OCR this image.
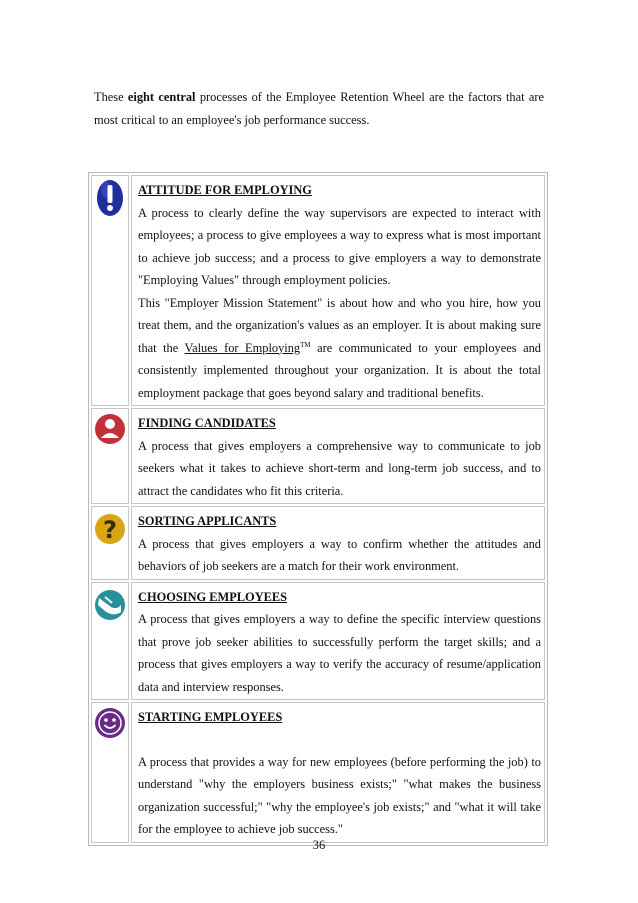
These eight central processes of the Employee Retention Wheel are the factors that are most critical to an employee's job performance success.

ATTITUDE FOR EMPLOYING
A process to clearly define the way supervisors are expected to interact with employees; a process to give employees a way to express what is most important to achieve job success; and a process to give employers a way to demonstrate "Employing Values" through employment policies.
This "Employer Mission Statement" is about how and who you hire, how you treat them, and the organization's values as an employer. It is about making sure that the Values for Employing™ are communicated to your employees and consistently implemented throughout your organization. It is about the total employment package that goes beyond salary and traditional benefits.
FINDING CANDIDATES
A process that gives employers a comprehensive way to communicate to job seekers what it takes to achieve short-term and long-term job success, and to attract the candidates who fit this criteria.
? SORTING APPLICANTS
A process that gives employers a way to confirm whether the attitudes and behaviors of job seekers are a match for their work environment.
CHOOSING EMPLOYEES
A process that gives employers a way to define the specific interview questions that prove job seeker abilities to successfully perform the target skills; and a process that gives employers a way to verify the accuracy of resume/application data and interview responses.
STARTING EMPLOYEES
A process that provides a way for new employees (before performing the job) to understand "why the employers business exists;" "what makes the business organization successful;" "why the employee's job exists;" and "what it will take for the employee to achieve job success."
36
